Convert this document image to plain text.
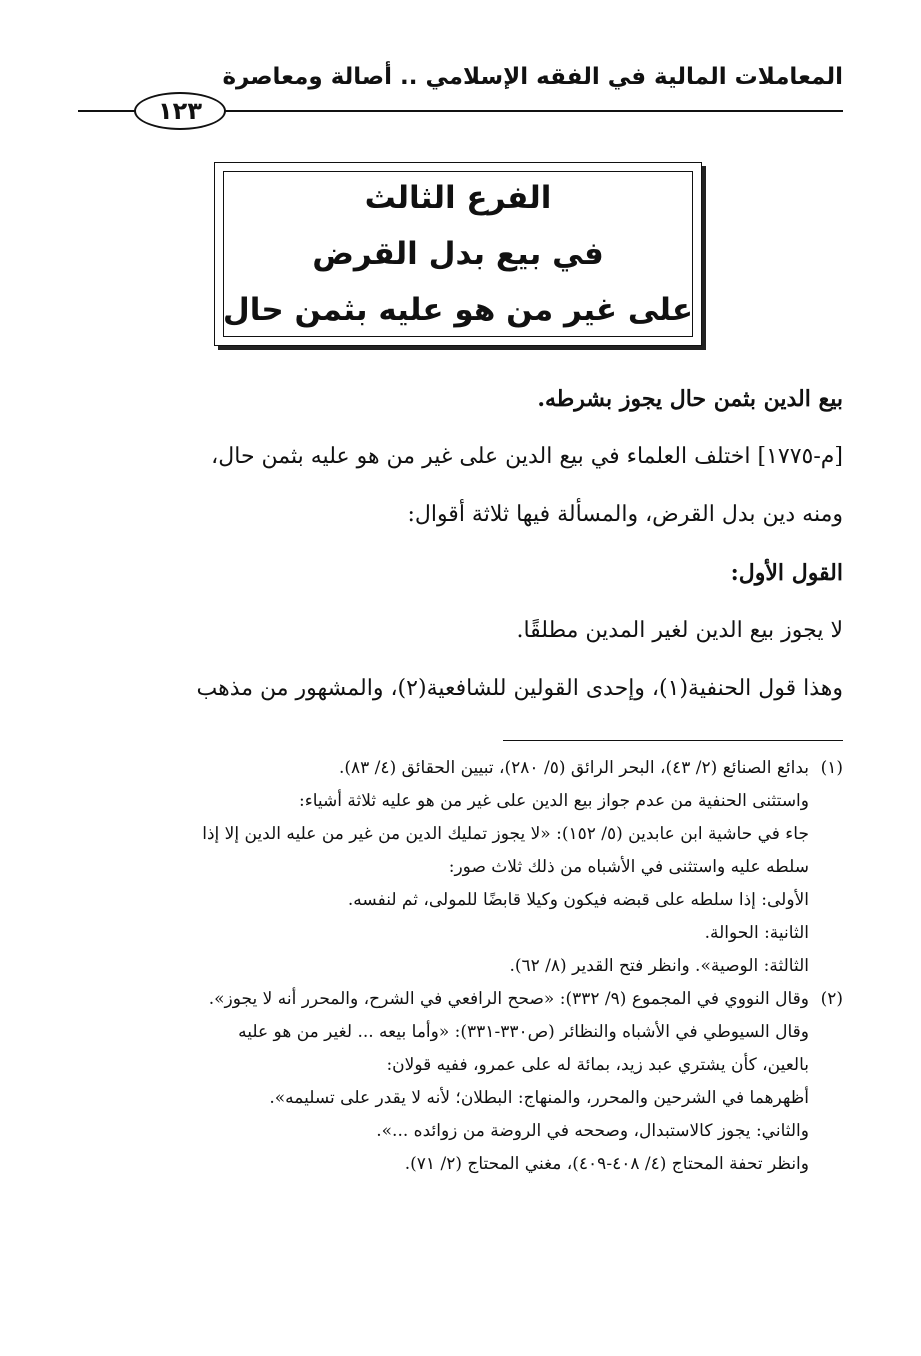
المعاملات المالية في الفقه الإسلامي .. أصالة ومعاصرة
١٢٣
الفرع الثالث
في بيع بدل القرض
على غير من هو عليه بثمن حال

بيع الدين بثمن حال يجوز بشرطه.

[م-١٧٧٥] اختلف العلماء في بيع الدين على غير من هو عليه بثمن حال،

ومنه دين بدل القرض، والمسألة فيها ثلاثة أقوال:

القول الأول:

لا يجوز بيع الدين لغير المدين مطلقًا.

وهذا قول الحنفية(١)، وإحدى القولين للشافعية(٢)، والمشهور من مذهب

(١)
بدائع الصنائع (٢/ ٤٣)، البحر الرائق (٥/ ٢٨٠)، تبيين الحقائق (٤/ ٨٣).
واستثنى الحنفية من عدم جواز بيع الدين على غير من هو عليه ثلاثة أشياء:
جاء في حاشية ابن عابدين (٥/ ١٥٢): «لا يجوز تمليك الدين من غير من عليه الدين إلا إذا
سلطه عليه واستثنى في الأشباه من ذلك ثلاث صور:
الأولى: إذا سلطه على قبضه فيكون وكيلا قابضًا للمولى، ثم لنفسه.
الثانية: الحوالة.
الثالثة: الوصية». وانظر فتح القدير (٨/ ٦٢).
(٢)
وقال النووي في المجموع (٩/ ٣٣٢): «صحح الرافعي في الشرح، والمحرر أنه لا يجوز».
وقال السيوطي في الأشباه والنظائر (ص٣٣٠-٣٣١): «وأما بيعه ... لغير من هو عليه
بالعين، كأن يشتري عبد زيد، بمائة له على عمرو، ففيه قولان:
أظهرهما في الشرحين والمحرر، والمنهاج: البطلان؛ لأنه لا يقدر على تسليمه».
والثاني: يجوز كالاستبدال، وصححه في الروضة من زوائده ...».
وانظر تحفة المحتاج (٤/ ٤٠٨-٤٠٩)، مغني المحتاج (٢/ ٧١).
